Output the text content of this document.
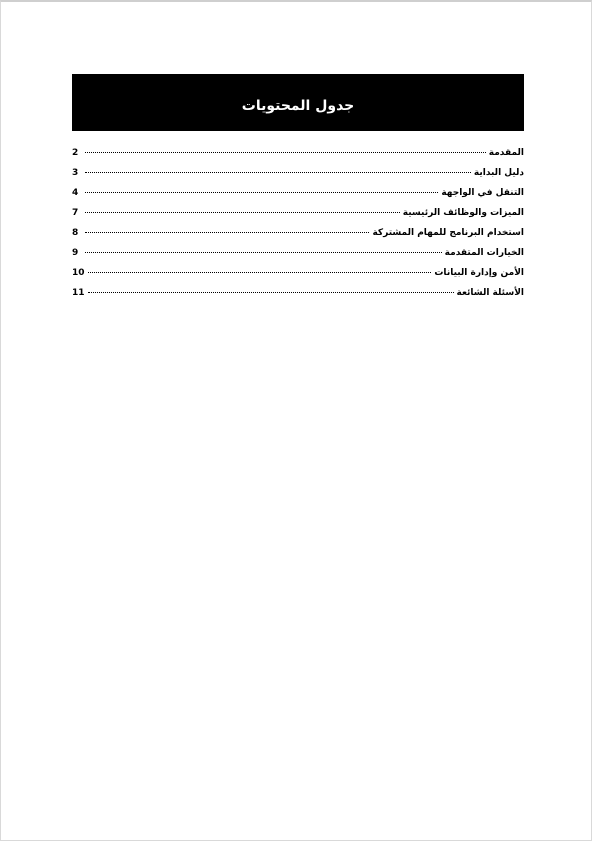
جدول المحتويات
المقدمة
2
دليل البداية
3
التنقل في الواجهة
4
الميزات والوظائف الرئيسية
7
استخدام البرنامج للمهام المشتركة
8
الخيارات المتقدمة
9
الأمن وإدارة البيانات
10
الأسئلة الشائعة
11
